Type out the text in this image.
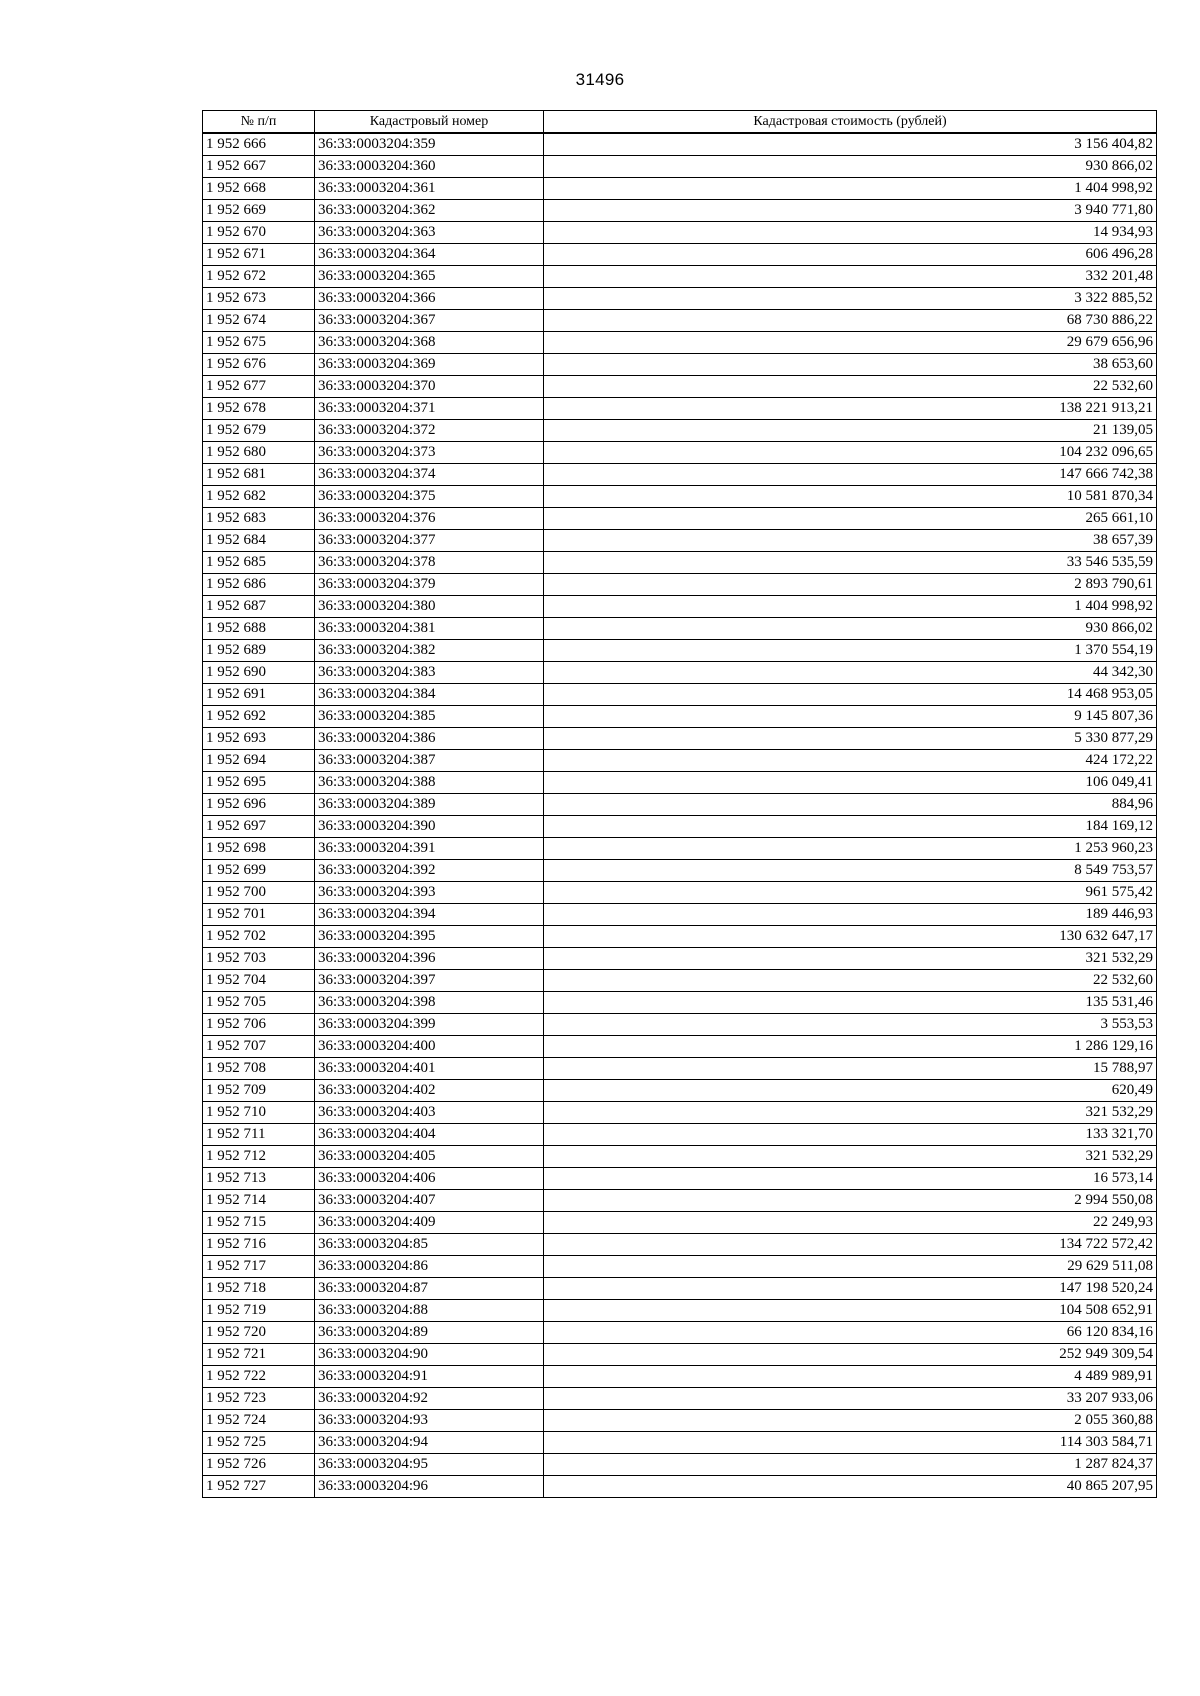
31496
№ п/п	Кадастровый номер	Кадастровая стоимость (рублей)
1 952 666	36:33:0003204:359	3 156 404,82
1 952 667	36:33:0003204:360	930 866,02
1 952 668	36:33:0003204:361	1 404 998,92
1 952 669	36:33:0003204:362	3 940 771,80
1 952 670	36:33:0003204:363	14 934,93
1 952 671	36:33:0003204:364	606 496,28
1 952 672	36:33:0003204:365	332 201,48
1 952 673	36:33:0003204:366	3 322 885,52
1 952 674	36:33:0003204:367	68 730 886,22
1 952 675	36:33:0003204:368	29 679 656,96
1 952 676	36:33:0003204:369	38 653,60
1 952 677	36:33:0003204:370	22 532,60
1 952 678	36:33:0003204:371	138 221 913,21
1 952 679	36:33:0003204:372	21 139,05
1 952 680	36:33:0003204:373	104 232 096,65
1 952 681	36:33:0003204:374	147 666 742,38
1 952 682	36:33:0003204:375	10 581 870,34
1 952 683	36:33:0003204:376	265 661,10
1 952 684	36:33:0003204:377	38 657,39
1 952 685	36:33:0003204:378	33 546 535,59
1 952 686	36:33:0003204:379	2 893 790,61
1 952 687	36:33:0003204:380	1 404 998,92
1 952 688	36:33:0003204:381	930 866,02
1 952 689	36:33:0003204:382	1 370 554,19
1 952 690	36:33:0003204:383	44 342,30
1 952 691	36:33:0003204:384	14 468 953,05
1 952 692	36:33:0003204:385	9 145 807,36
1 952 693	36:33:0003204:386	5 330 877,29
1 952 694	36:33:0003204:387	424 172,22
1 952 695	36:33:0003204:388	106 049,41
1 952 696	36:33:0003204:389	884,96
1 952 697	36:33:0003204:390	184 169,12
1 952 698	36:33:0003204:391	1 253 960,23
1 952 699	36:33:0003204:392	8 549 753,57
1 952 700	36:33:0003204:393	961 575,42
1 952 701	36:33:0003204:394	189 446,93
1 952 702	36:33:0003204:395	130 632 647,17
1 952 703	36:33:0003204:396	321 532,29
1 952 704	36:33:0003204:397	22 532,60
1 952 705	36:33:0003204:398	135 531,46
1 952 706	36:33:0003204:399	3 553,53
1 952 707	36:33:0003204:400	1 286 129,16
1 952 708	36:33:0003204:401	15 788,97
1 952 709	36:33:0003204:402	620,49
1 952 710	36:33:0003204:403	321 532,29
1 952 711	36:33:0003204:404	133 321,70
1 952 712	36:33:0003204:405	321 532,29
1 952 713	36:33:0003204:406	16 573,14
1 952 714	36:33:0003204:407	2 994 550,08
1 952 715	36:33:0003204:409	22 249,93
1 952 716	36:33:0003204:85	134 722 572,42
1 952 717	36:33:0003204:86	29 629 511,08
1 952 718	36:33:0003204:87	147 198 520,24
1 952 719	36:33:0003204:88	104 508 652,91
1 952 720	36:33:0003204:89	66 120 834,16
1 952 721	36:33:0003204:90	252 949 309,54
1 952 722	36:33:0003204:91	4 489 989,91
1 952 723	36:33:0003204:92	33 207 933,06
1 952 724	36:33:0003204:93	2 055 360,88
1 952 725	36:33:0003204:94	114 303 584,71
1 952 726	36:33:0003204:95	1 287 824,37
1 952 727	36:33:0003204:96	40 865 207,95
